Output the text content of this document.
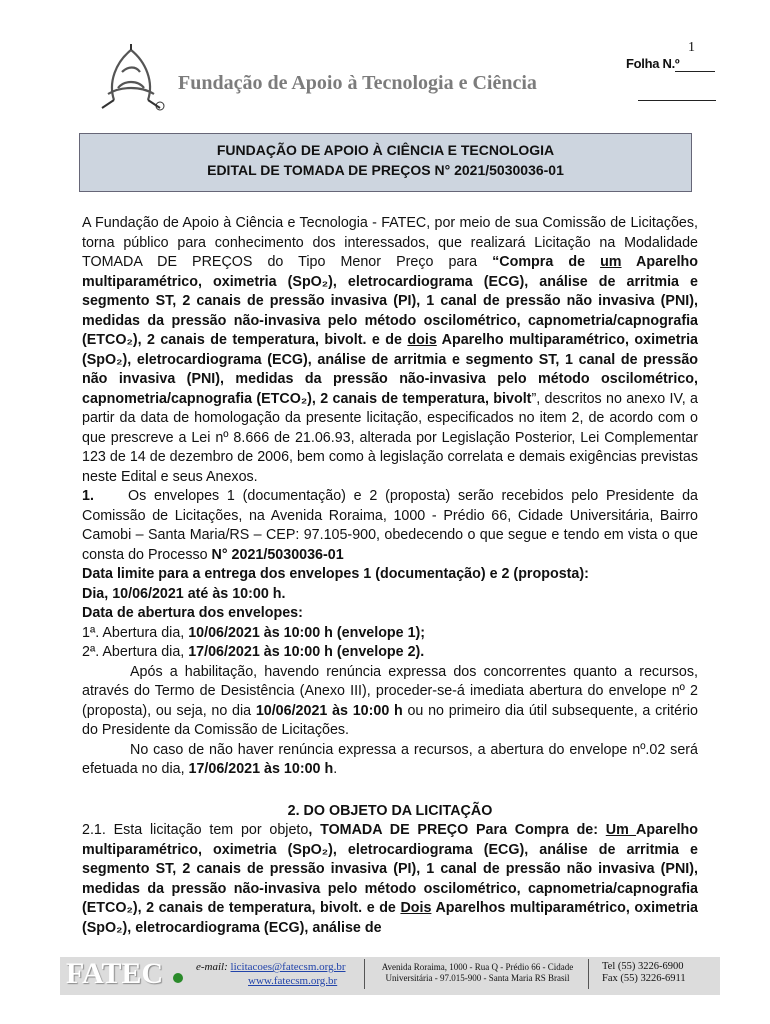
Fundação de Apoio à Tecnologia e Ciência
1
Folha N.º
FUNDAÇÃO DE APOIO À CIÊNCIA E TECNOLOGIA
EDITAL DE TOMADA DE PREÇOS N° 2021/5030036-01

A Fundação de Apoio à Ciência e Tecnologia - FATEC, por meio de sua Comissão de Licitações, torna público para conhecimento dos interessados, que realizará Licitação na Modalidade TOMADA DE PREÇOS do Tipo Menor Preço para “Compra de um Aparelho multiparamétrico, oximetria (SpO₂), eletrocardiograma (ECG), análise de arritmia e segmento ST, 2 canais de pressão invasiva (PI), 1 canal de pressão não invasiva (PNI), medidas da pressão não-invasiva pelo método oscilométrico, capnometria/capnografia (ETCO₂), 2 canais de temperatura, bivolt. e de dois Aparelho multiparamétrico, oximetria (SpO₂), eletrocardiograma (ECG), análise de arritmia e segmento ST, 1 canal de pressão não invasiva (PNI), medidas da pressão não-invasiva pelo método oscilométrico, capnometria/capnografia (ETCO₂), 2 canais de temperatura, bivolt”, descritos no anexo IV, a partir da data de homologação da presente licitação, especificados no item 2, de acordo com o que prescreve a Lei nº 8.666 de 21.06.93, alterada por Legislação Posterior, Lei Complementar 123 de 14 de dezembro de 2006, bem como à legislação correlata e demais exigências previstas neste Edital e seus Anexos.

1. Os envelopes 1 (documentação) e 2 (proposta) serão recebidos pelo Presidente da Comissão de Licitações, na Avenida Roraima, 1000 - Prédio 66, Cidade Universitária, Bairro Camobi – Santa Maria/RS – CEP: 97.105-900, obedecendo o que segue e tendo em vista o que consta do Processo N° 2021/5030036-01

Data limite para a entrega dos envelopes 1 (documentação) e 2 (proposta):

Dia, 10/06/2021 até às 10:00 h.

Data de abertura dos envelopes:

1ª. Abertura dia, 10/06/2021 às 10:00 h (envelope 1);

2ª. Abertura dia, 17/06/2021 às 10:00 h (envelope 2).

Após a habilitação, havendo renúncia expressa dos concorrentes quanto a recursos, através do Termo de Desistência (Anexo III), proceder-se-á imediata abertura do envelope nº 2 (proposta), ou seja, no dia 10/06/2021 às 10:00 h ou no primeiro dia útil subsequente, a critério do Presidente da Comissão de Licitações.

No caso de não haver renúncia expressa a recursos, a abertura do envelope nº.02 será efetuada no dia, 17/06/2021 às 10:00 h.

2. DO OBJETO DA LICITAÇÃO

2.1. Esta licitação tem por objeto, TOMADA DE PREÇO Para Compra de: Um Aparelho multiparamétrico, oximetria (SpO₂), eletrocardiograma (ECG), análise de arritmia e segmento ST, 2 canais de pressão invasiva (PI), 1 canal de pressão não invasiva (PNI), medidas da pressão não-invasiva pelo método oscilométrico, capnometria/capnografia (ETCO₂), 2 canais de temperatura, bivolt. e de Dois Aparelhos multiparamétrico, oximetria (SpO₂), eletrocardiograma (ECG), análise de

FATEC	e-mail: licitacoes@fatecsm.org.br
www.fatecsm.org.br
Avenida Roraima, 1000 - Rua Q - Prédio 66 - Cidade Universitária - 97.015-900 - Santa Maria RS Brasil
Tel (55) 3226-6900
Fax (55) 3226-6911
